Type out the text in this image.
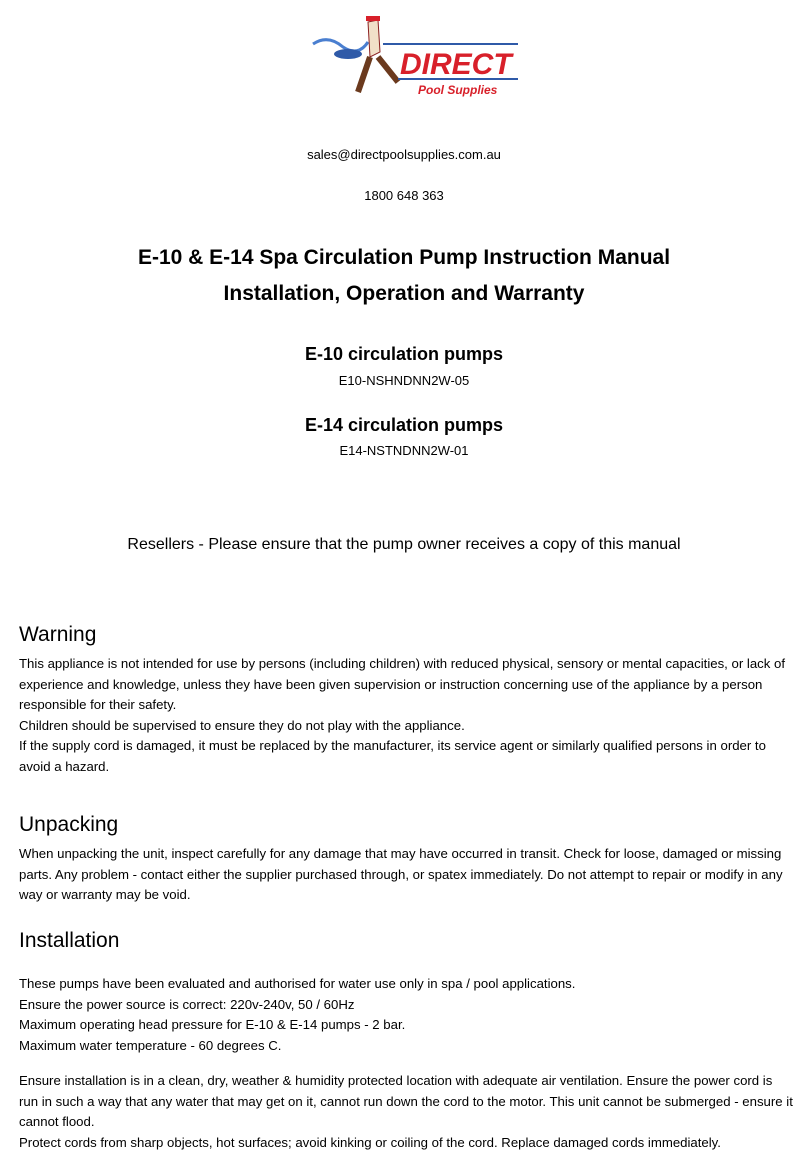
DIRECT
Pool Supplies
sales@directpoolsupplies.com.au
1800 648 363
E-10 & E-14 Spa Circulation Pump Instruction Manual
Installation, Operation and Warranty
E-10 circulation pumps
E10-NSHNDNN2W-05
E-14 circulation pumps
E14-NSTNDNN2W-01
Resellers - Please ensure that the pump owner receives a copy of this manual
Warning
This appliance is not intended for use by persons (including children) with reduced physical, sensory or mental capacities, or lack of experience and knowledge, unless they have been given supervision or instruction concerning use of the appliance by a person responsible for their safety.
Children should be supervised to ensure they do not play with the appliance.
If the supply cord is damaged, it must be replaced by the manufacturer, its service agent or similarly qualified persons in order to avoid a hazard.
Unpacking
When unpacking the unit, inspect carefully for any damage that may have occurred in transit. Check for loose, damaged or missing parts. Any problem - contact either the supplier purchased through, or spatex immediately. Do not attempt to repair or modify in any way or warranty may be void.
Installation
These pumps have been evaluated and authorised for water use only in spa / pool applications.
Ensure the power source is correct: 220v-240v, 50 / 60Hz
Maximum operating head pressure for E-10 & E-14 pumps - 2 bar.
Maximum water temperature - 60 degrees C.
Ensure installation is in a clean, dry, weather & humidity protected location with adequate air ventilation. Ensure the power cord is run in such a way that any water that may get on it, cannot run down the cord to the motor. This unit cannot be submerged - ensure it cannot flood.
Protect cords from sharp objects, hot surfaces; avoid kinking or coiling of the cord. Replace damaged cords immediately.
